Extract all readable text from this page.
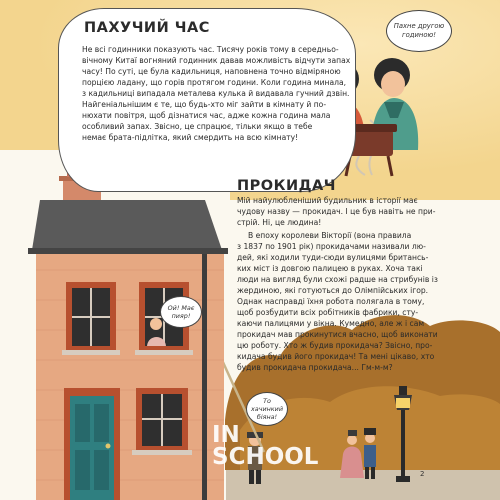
ПАХУЧИЙ ЧАС

Не всі годинники показують час. Тисячу років тому в середньо-

вічному Китаї вогняний годинник давав можливість відчути запах

часу! По суті, це була кадильниця, наповнена точно відміряною

порцією ладану, що горів протягом години. Коли година минала,

з кадильниці випадала металева кулька й видавала гучний дзвін.

Найгеніальнішим є те, що будь-хто міг зайти в кімнату й по-

нюхати повітря, щоб дізнатися час, адже кожна година мала

особливий запах. Звісно, це спрацює, тільки якщо в тебе

немає брата-підлітка, який смердить на всю кімнату!

Пахне другою годиною!
ПРОКИДАЧ

Мій найулюбленіший будильник в історії має

чудову назву — прокидач. І це був навіть не при-

стрій. Ні, це людина!

В епоху королеви Вікторії (вона правила

з 1837 по 1901 рік) прокидачами називали лю-

дей, які ходили туди-сюди вулицями британсь-

ких міст із довгою палицею в руках. Хоча такі

люди на вигляд були схожі радше на стрибунів із

жердиною, які готуються до Олімпійських ігор.

Однак насправді їхня робота полягала в тому,

щоб розбудити всіх робітників фабрики, сту-

каючи палицями у вікна. Кумедно, але ж і сам

прокидач мав прокинутися вчасно, щоб виконати

цю роботу. Хто ж будив прокидача? Звісно, про-

кидача будив його прокидач! Та мені цікаво, хто

будив прокидача прокидача... Гм-м-м?

Ой! Має пияр!
То хачинкий біяна!
IN
SCHOOL
2
